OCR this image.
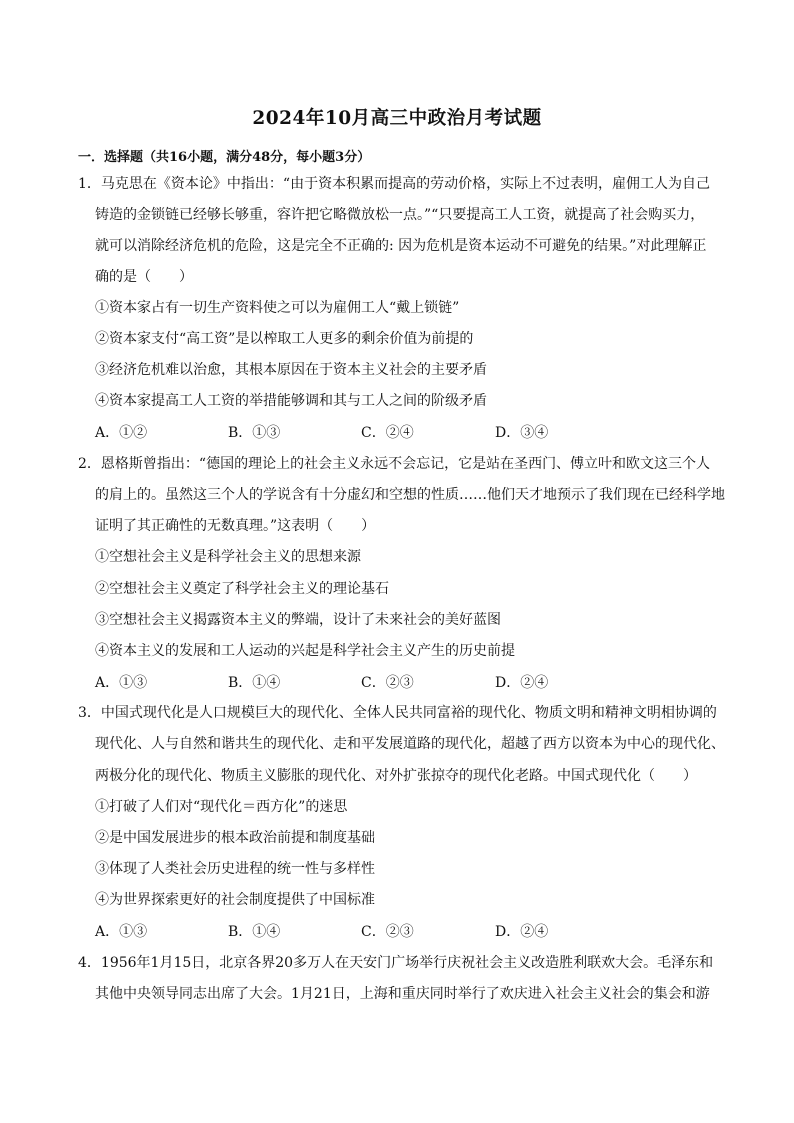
2024年10月高三中政治月考试题
一．选择题（共16小题，满分48分，每小题3分）
1．马克思在《资本论》中指出：“由于资本积累而提高的劳动价格，实际上不过表明，雇佣工人为自己
铸造的金锁链已经够长够重，容许把它略微放松一点。”“只要提高工人工资，就提高了社会购买力，
就可以消除经济危机的危险，这是完全不正确的: 因为危机是资本运动不可避免的结果。”对此理解正
确的是（　　）
①资本家占有一切生产资料使之可以为雇佣工人“戴上锁链”
②资本家支付“高工资”是以榨取工人更多的剩余价值为前提的
③经济危机难以治愈，其根本原因在于资本主义社会的主要矛盾
④资本家提高工人工资的举措能够调和其与工人之间的阶级矛盾
A．①②	B．①③	C．②④	D．③④
2．恩格斯曾指出：“德国的理论上的社会主义永远不会忘记，它是站在圣西门、傅立叶和欧文这三个人
的肩上的。虽然这三个人的学说含有十分虚幻和空想的性质……他们天才地预示了我们现在已经科学地
证明了其正确性的无数真理。”这表明（　　）
①空想社会主义是科学社会主义的思想来源
②空想社会主义奠定了科学社会主义的理论基石
③空想社会主义揭露资本主义的弊端，设计了未来社会的美好蓝图
④资本主义的发展和工人运动的兴起是科学社会主义产生的历史前提
A．①③	B．①④	C．②③	D．②④
3．中国式现代化是人口规模巨大的现代化、全体人民共同富裕的现代化、物质文明和精神文明相协调的
现代化、人与自然和谐共生的现代化、走和平发展道路的现代化，超越了西方以资本为中心的现代化、
两极分化的现代化、物质主义膨胀的现代化、对外扩张掠夺的现代化老路。中国式现代化（　　）
①打破了人们对“现代化＝西方化”的迷思
②是中国发展进步的根本政治前提和制度基础
③体现了人类社会历史进程的统一性与多样性
④为世界探索更好的社会制度提供了中国标准
A．①③	B．①④	C．②③	D．②④
4．1956年1月15日，北京各界20多万人在天安门广场举行庆祝社会主义改造胜利联欢大会。毛泽东和
其他中央领导同志出席了大会。1月21日，上海和重庆同时举行了欢庆进入社会主义社会的集会和游
